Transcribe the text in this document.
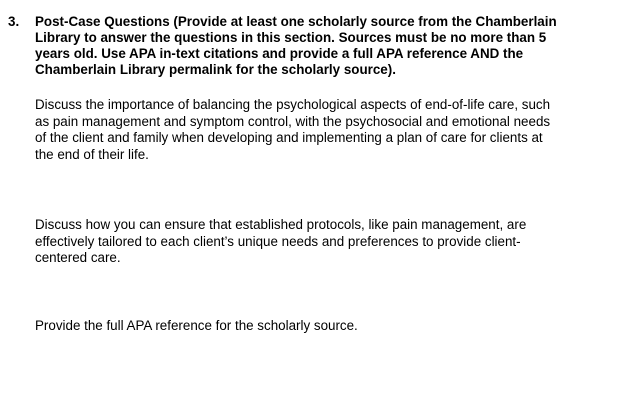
3. Post-Case Questions (Provide at least one scholarly source from the Chamberlain
Library to answer the questions in this section. Sources must be no more than 5
years old. Use APA in-text citations and provide a full APA reference AND the
Chamberlain Library permalink for the scholarly source).
Discuss the importance of balancing the psychological aspects of end-of-life care, such
as pain management and symptom control, with the psychosocial and emotional needs
of the client and family when developing and implementing a plan of care for clients at
the end of their life.
Discuss how you can ensure that established protocols, like pain management, are
effectively tailored to each client’s unique needs and preferences to provide client-
centered care.
Provide the full APA reference for the scholarly source.
